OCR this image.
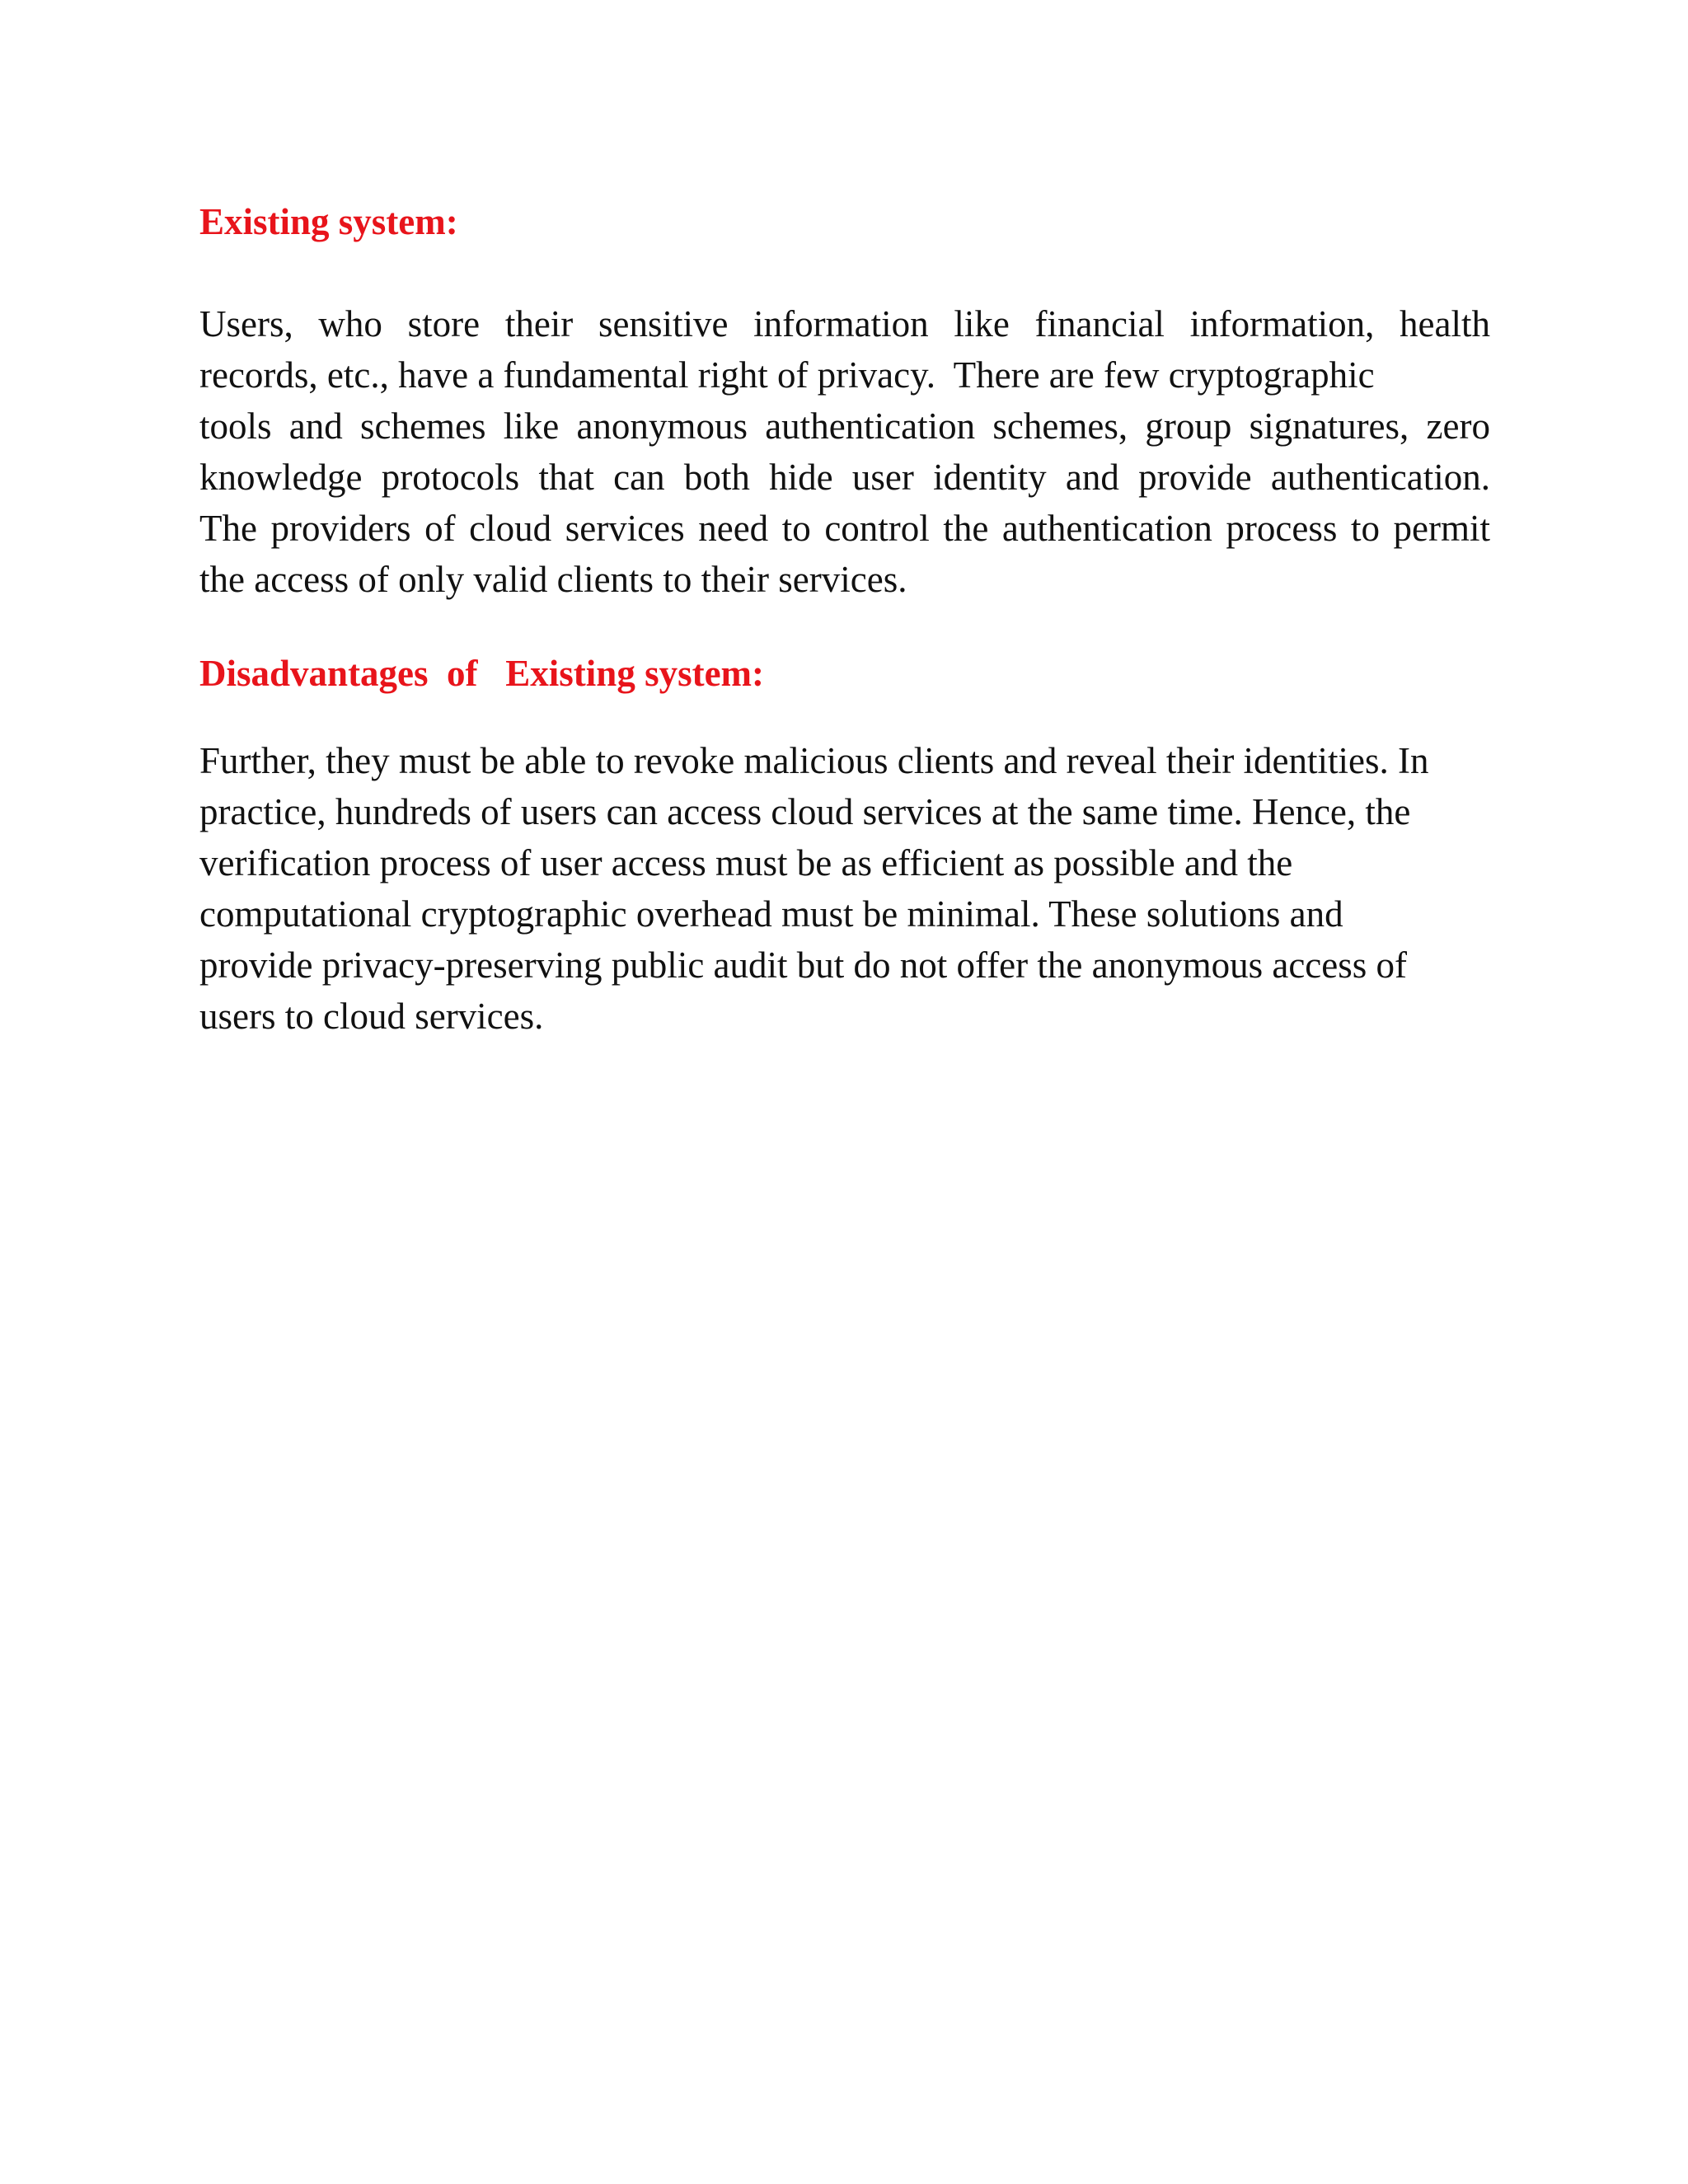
Existing system:

Users, who store their sensitive information like financial information, health
records, etc., have a fundamental right of privacy.  There are few cryptographic
tools and schemes like anonymous authentication schemes, group signatures, zero
knowledge protocols that can both hide user identity and provide authentication.
The providers of cloud services need to control the authentication process to permit
the access of only valid clients to their services.

Disadvantages  of   Existing system:

Further, they must be able to revoke malicious clients and reveal their identities. In
practice, hundreds of users can access cloud services at the same time. Hence, the
verification process of user access must be as efficient as possible and the
computational cryptographic overhead must be minimal. These solutions and
provide privacy-preserving public audit but do not offer the anonymous access of
users to cloud services.
